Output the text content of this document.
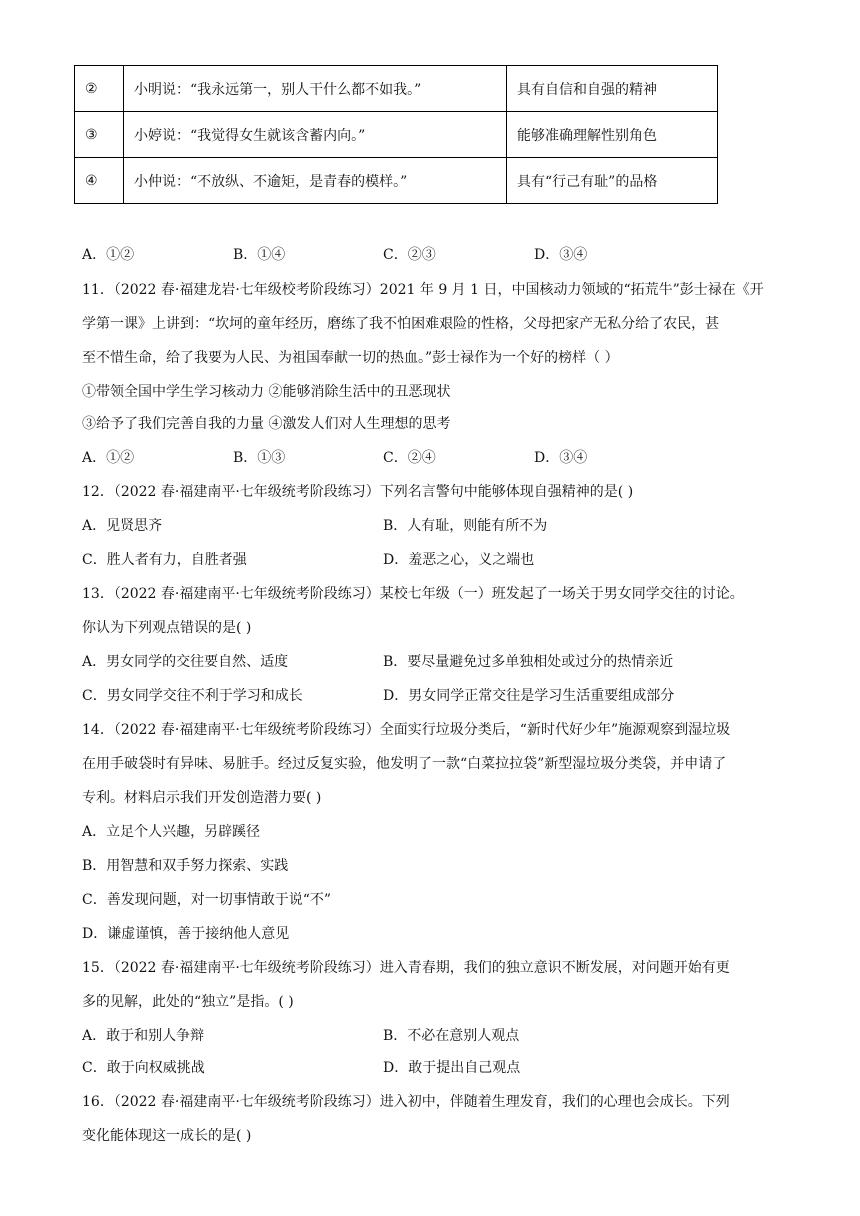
②	小明说：“我永远第一，别人干什么都不如我。”	具有自信和自强的精神
③	小婷说：“我觉得女生就该含蓄内向。”	能够准确理解性别角色
④	小仲说：“不放纵、不逾矩，是青春的模样。”	具有“行己有耻”的品格
A．①②	B．①④	C．②③	D．③④
11．（2022 春·福建龙岩·七年级校考阶段练习）2021 年 9 月 1 日，中国核动力领域的“拓荒牛”彭士禄在《开
学第一课》上讲到：“坎坷的童年经历，磨练了我不怕困难艰险的性格，父母把家产无私分给了农民，甚
至不惜生命，给了我要为人民、为祖国奉献一切的热血。”彭士禄作为一个好的榜样（ ）
①带领全国中学生学习核动力 ②能够消除生活中的丑恶现状
③给予了我们完善自我的力量 ④激发人们对人生理想的思考
A．①②	B．①③	C．②④	D．③④
12．（2022 春·福建南平·七年级统考阶段练习）下列名言警句中能够体现自强精神的是( )
A．见贤思齐	B．人有耻，则能有所不为
C．胜人者有力，自胜者强	D．羞恶之心，义之端也
13．（2022 春·福建南平·七年级统考阶段练习）某校七年级（一）班发起了一场关于男女同学交往的讨论。
你认为下列观点错误的是( )
A．男女同学的交往要自然、适度	B．要尽量避免过多单独相处或过分的热情亲近
C．男女同学交往不利于学习和成长	D．男女同学正常交往是学习生活重要组成部分
14．（2022 春·福建南平·七年级统考阶段练习）全面实行垃圾分类后，“新时代好少年”施源观察到湿垃圾
在用手破袋时有异味、易脏手。经过反复实验，他发明了一款“白菜拉拉袋”新型湿垃圾分类袋，并申请了
专利。材料启示我们开发创造潜力要( )
A．立足个人兴趣，另辟蹊径
B．用智慧和双手努力探索、实践
C．善发现问题，对一切事情敢于说“不”
D．谦虚谨慎，善于接纳他人意见
15．（2022 春·福建南平·七年级统考阶段练习）进入青春期，我们的独立意识不断发展，对问题开始有更
多的见解，此处的“独立”是指。( )
A．敢于和别人争辩	B．不必在意别人观点
C．敢于向权威挑战	D．敢于提出自己观点
16．（2022 春·福建南平·七年级统考阶段练习）进入初中，伴随着生理发育，我们的心理也会成长。下列
变化能体现这一成长的是( )
